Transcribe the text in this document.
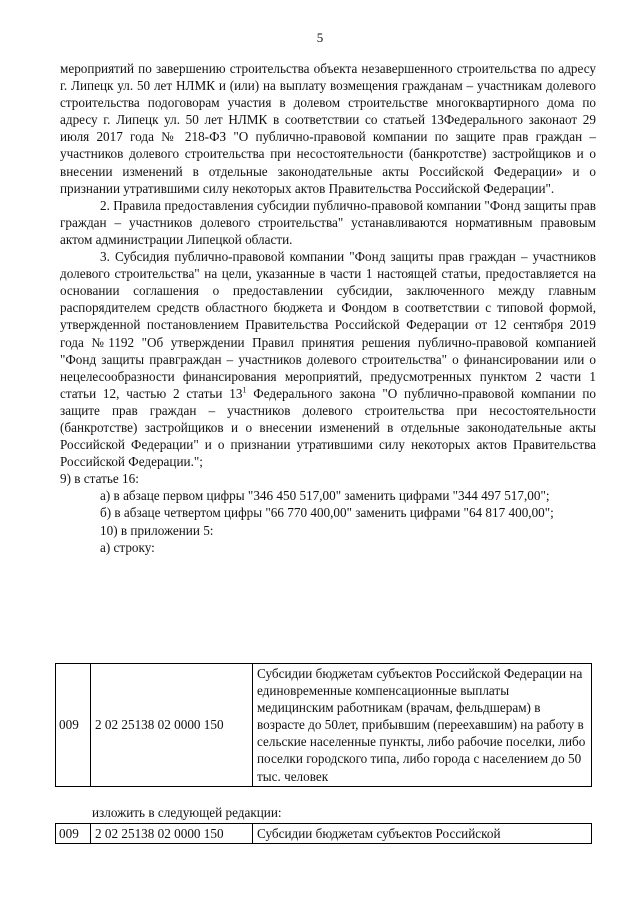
5

мероприятий по завершению строительства объекта незавершенного строительства по адресу г. Липецк ул. 50 лет НЛМК и (или) на выплату возмещения гражданам – участникам долевого строительства подоговорам участия в долевом строительстве многоквартирного дома по адресу г. Липецк ул. 50 лет НЛМК в соответствии со статьей 13Федерального законаот 29 июля 2017 года № 218-ФЗ "О публично-правовой компании по защите прав граждан – участников долевого строительства при несостоятельности (банкротстве) застройщиков и о внесении изменений в отдельные законодательные акты Российской Федерации» и о признании утратившими силу некоторых актов Правительства Российской Федерации".

2. Правила предоставления субсидии публично-правовой компании "Фонд защиты прав граждан – участников долевого строительства" устанавливаются нормативным правовым актом администрации Липецкой области.

3. Субсидия публично-правовой компании "Фонд защиты прав граждан – участников долевого строительства" на цели, указанные в части 1 настоящей статьи, предоставляется на основании соглашения о предоставлении субсидии, заключенного между главным распорядителем средств областного бюджета и Фондом в соответствии с типовой формой, утвержденной постановлением Правительства Российской Федерации от 12 сентября 2019 года №1192 "Об утверждении Правил принятия решения публично-правовой компанией "Фонд защиты правграждан – участников долевого строительства" о финансировании или о нецелесообразности финансирования мероприятий, предусмотренных пунктом 2 части 1 статьи 12, частью 2 статьи $13^1$ Федерального закона "О публично-правовой компании по защите прав граждан – участников долевого строительства при несостоятельности (банкротстве) застройщиков и о внесении изменений в отдельные законодательные акты Российской Федерации" и о признании утратившими силу некоторых актов Правительства Российской Федерации.";

9) в статье 16:

а) в абзаце первом цифры "346 450 517,00" заменить цифрами "344 497 517,00";

б) в абзаце четвертом цифры "66 770 400,00" заменить цифрами "64 817 400,00";

10) в приложении 5:

а) строку:

009	2 02 25138 02 0000 150	Субсидии бюджетам субъектов Российской Федерации на единовременные компенсационные выплаты медицинским работникам (врачам, фельдшерам) в возрасте до 50лет, прибывшим (переехавшим) на работу в сельские населенные пункты, либо рабочие поселки, либо поселки городского типа, либо города с населением до 50 тыс. человек
изложить в следующей редакции:
009	2 02 25138 02 0000 150	Субсидии бюджетам субъектов Российской
